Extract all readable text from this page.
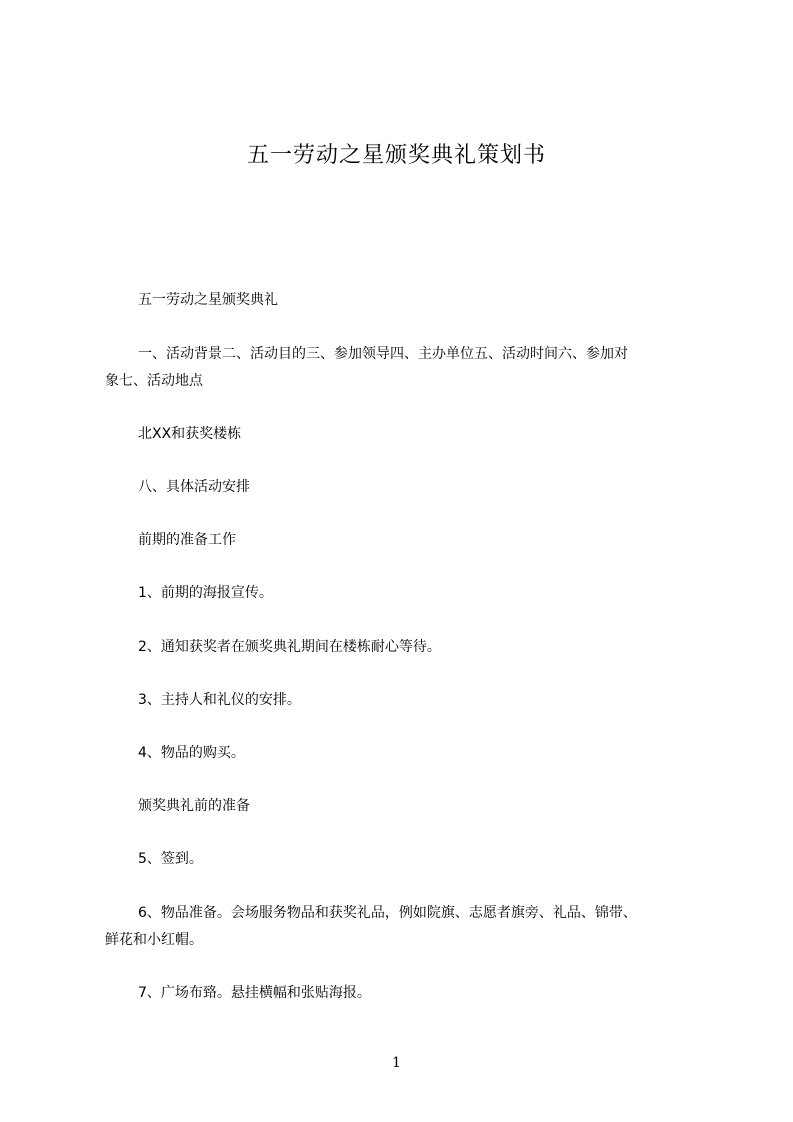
五一劳动之星颁奖典礼策划书
五一劳动之星颁奖典礼
一、活动背景二、活动目的三、参加领导四、主办单位五、活动时间六、参加对
象七、活动地点
北XX和获奖楼栋
八、具体活动安排
前期的准备工作
1、前期的海报宣传。
2、通知获奖者在颁奖典礼期间在楼栋耐心等待。
3、主持人和礼仪的安排。
4、物品的购买。
颁奖典礼前的准备
5、签到。
6、物品准备。会场服务物品和获奖礼品，例如院旗、志愿者旗旁、礼品、锦带、
鲜花和小红帽。
7、广场布臵。悬挂横幅和张贴海报。
1
